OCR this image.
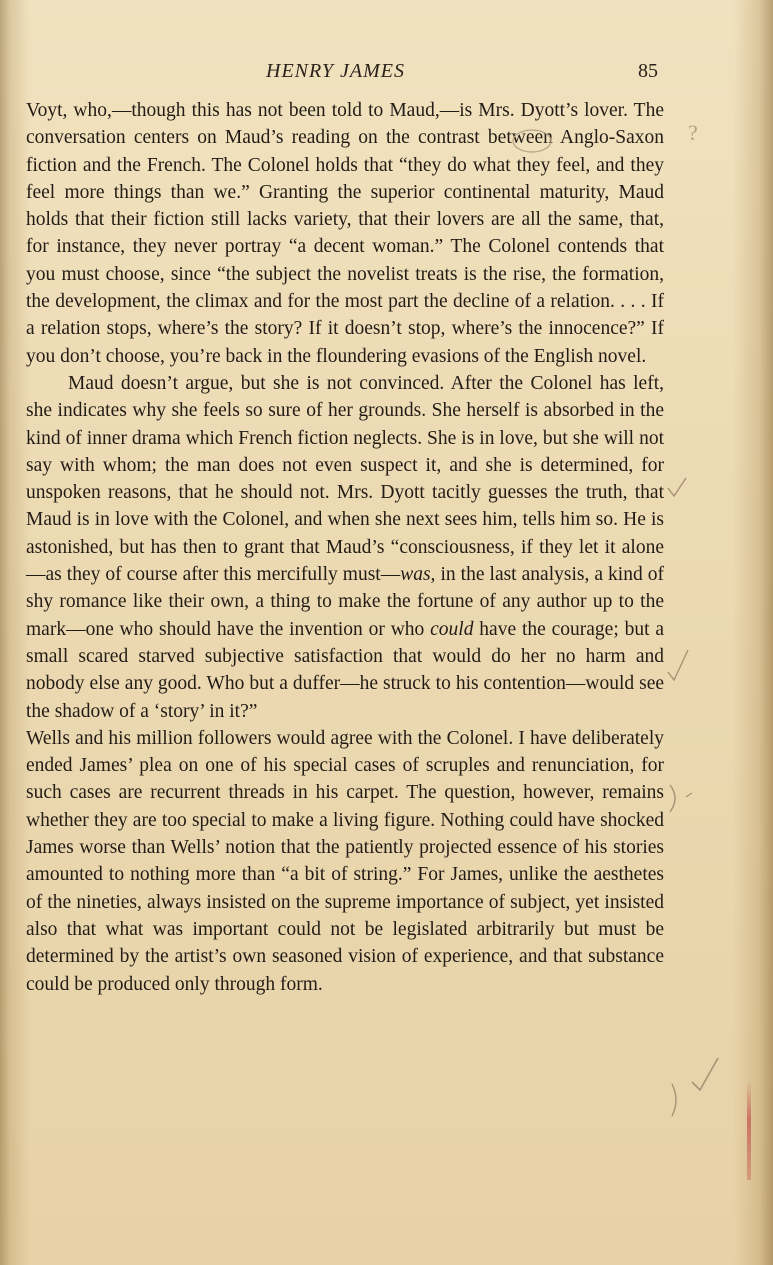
HENRY JAMES	85

Voyt, who,—though this has not been told to Maud,—is Mrs. Dyott’s lover. The conversation centers on Maud’s reading on the contrast between Anglo-Saxon fiction and the French. The Colonel holds that “they do what they feel, and they feel more things than we.” Granting the superior continental maturity, Maud holds that their fiction still lacks variety, that their lovers are all the same, that, for instance, they never portray “a decent woman.” The Colonel contends that you must choose, since “the subject the novelist treats is the rise, the formation, the development, the climax and for the most part the decline of a relation. . . . If a relation stops, where’s the story? If it doesn’t stop, where’s the innocence?” If you don’t choose, you’re back in the floundering evasions of the English novel.

Maud doesn’t argue, but she is not convinced. After the Colonel has left, she indicates why she feels so sure of her grounds. She herself is absorbed in the kind of inner drama which French fiction neglects. She is in love, but she will not say with whom; the man does not even suspect it, and she is determined, for unspoken reasons, that he should not. Mrs. Dyott tacitly guesses the truth, that Maud is in love with the Colonel, and when she next sees him, tells him so. He is astonished, but has then to grant that Maud’s “consciousness, if they let it alone—as they of course after this mercifully must—was, in the last analysis, a kind of shy romance like their own, a thing to make the fortune of any author up to the mark—one who should have the invention or who could have the courage; but a small scared starved subjective satisfaction that would do her no harm and nobody else any good. Who but a duffer—he struck to his contention—would see the shadow of a ‘story’ in it?”

Wells and his million followers would agree with the Colonel. I have deliberately ended James’ plea on one of his special cases of scruples and renunciation, for such cases are recurrent threads in his carpet. The question, however, remains whether they are too special to make a living figure. Nothing could have shocked James worse than Wells’ notion that the patiently projected essence of his stories amounted to nothing more than “a bit of string.” For James, unlike the aesthetes of the nineties, always insisted on the supreme importance of subject, yet insisted also that what was important could not be legislated arbitrarily but must be determined by the artist’s own seasoned vision of experience, and that substance could be produced only through form.

?
